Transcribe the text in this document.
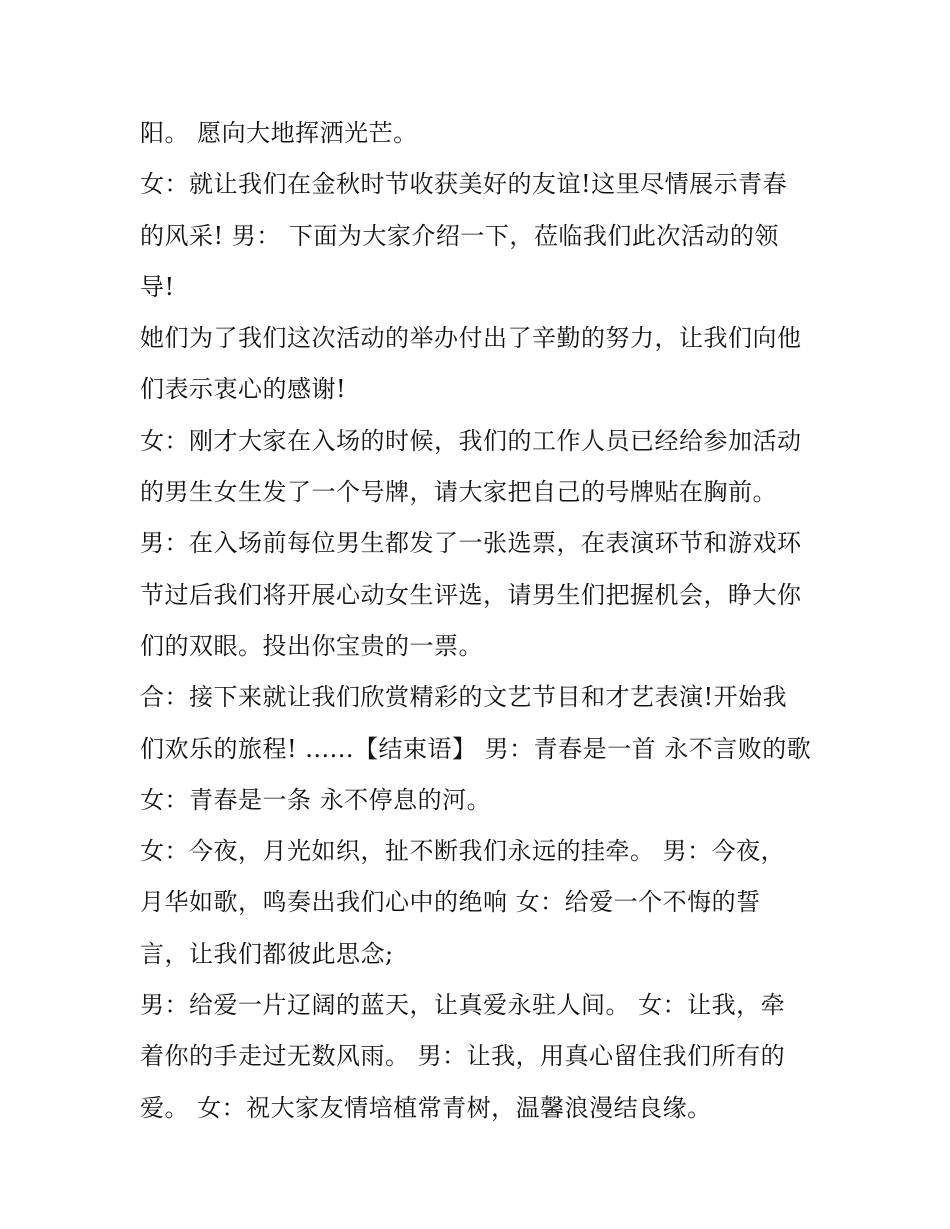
阳。 愿向大地挥洒光芒。
女：就让我们在金秋时节收获美好的友谊!这里尽情展示青春
的风采! 男： 下面为大家介绍一下，莅临我们此次活动的领
导!
她们为了我们这次活动的举办付出了辛勤的努力，让我们向他
们表示衷心的感谢!
女：刚才大家在入场的时候，我们的工作人员已经给参加活动
的男生女生发了一个号牌，请大家把自己的号牌贴在胸前。
男：在入场前每位男生都发了一张选票，在表演环节和游戏环
节过后我们将开展心动女生评选，请男生们把握机会，睁大你
们的双眼。投出你宝贵的一票。
合：接下来就让我们欣赏精彩的文艺节目和才艺表演!开始我
们欢乐的旅程! ......【结束语】 男：青春是一首 永不言败的歌
女：青春是一条 永不停息的河。
女：今夜，月光如织，扯不断我们永远的挂牵。 男：今夜，
月华如歌，鸣奏出我们心中的绝响 女：给爱一个不悔的誓
言，让我们都彼此思念;
男：给爱一片辽阔的蓝天，让真爱永驻人间。 女：让我，牵
着你的手走过无数风雨。 男：让我，用真心留住我们所有的
爱。 女：祝大家友情培植常青树，温馨浪漫结良缘。
